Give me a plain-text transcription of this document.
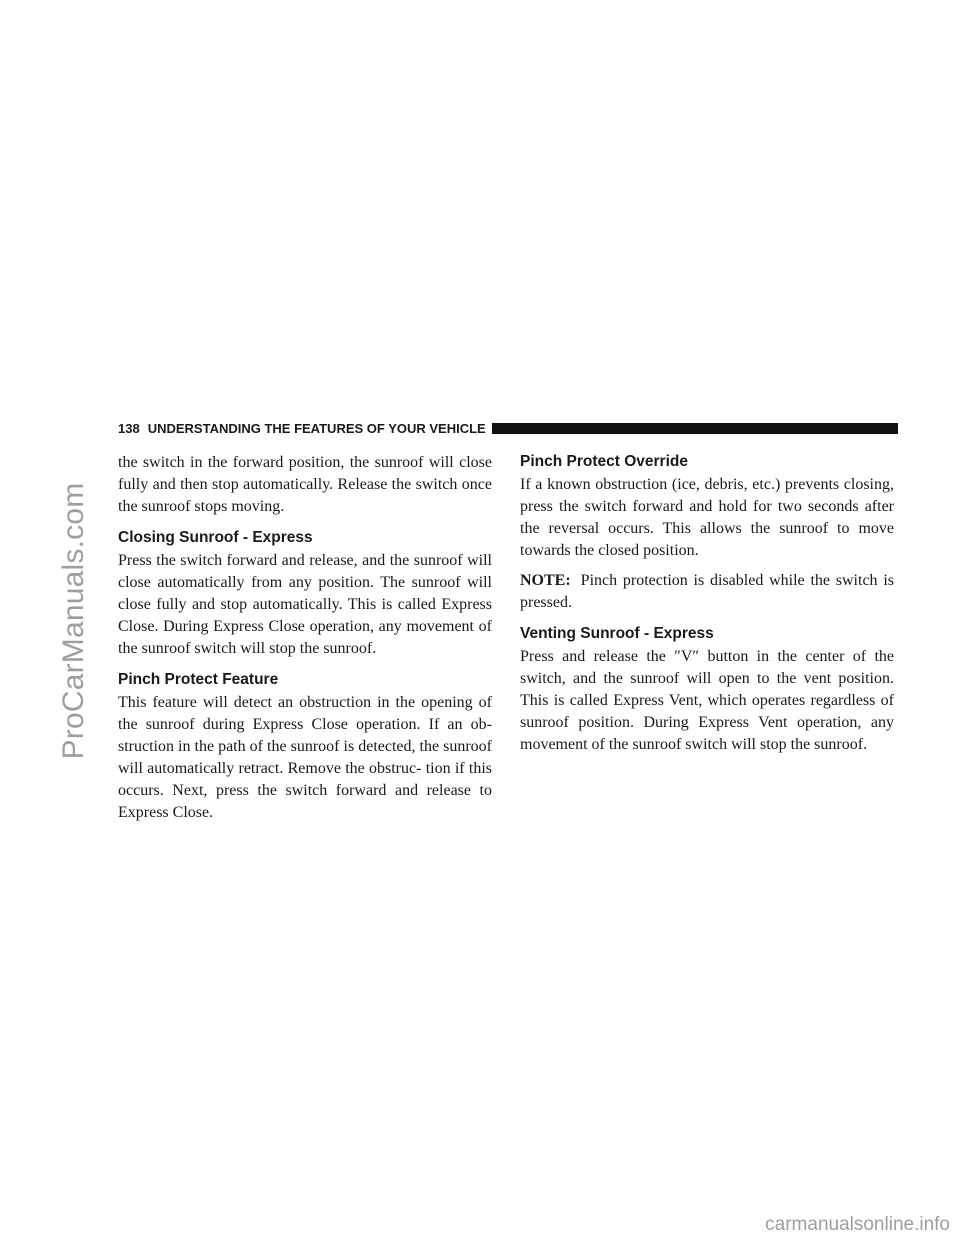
ProCarManuals.com
138 UNDERSTANDING THE FEATURES OF YOUR VEHICLE

the switch in the forward position, the sunroof will close fully and then stop automatically. Release the switch once the sunroof stops moving.

Closing Sunroof - Express

Press the switch forward and release, and the sunroof will close automatically from any position. The sunroof will close fully and stop automatically. This is called Express Close. During Express Close operation, any movement of the sunroof switch will stop the sunroof.

Pinch Protect Feature

This feature will detect an obstruction in the opening of the sunroof during Express Close operation. If an ob- struction in the path of the sunroof is detected, the sunroof will automatically retract. Remove the obstruc- tion if this occurs. Next, press the switch forward and release to Express Close.

Pinch Protect Override

If a known obstruction (ice, debris, etc.) prevents closing, press the switch forward and hold for two seconds after the reversal occurs. This allows the sunroof to move towards the closed position.

NOTE: Pinch protection is disabled while the switch is pressed.

Venting Sunroof - Express

Press and release the ″V″ button in the center of the switch, and the sunroof will open to the vent position. This is called Express Vent, which operates regardless of sunroof position. During Express Vent operation, any movement of the sunroof switch will stop the sunroof.

carmanualsonline.info
